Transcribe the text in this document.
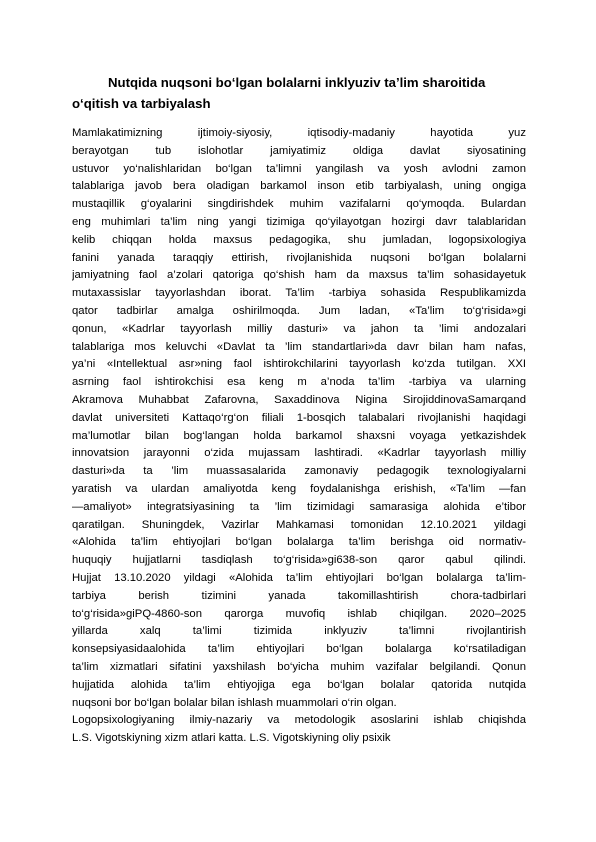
Nutqida nuqsoni bo‘lgan bolalarni inklyuziv ta’lim sharoitida
o‘qitish va tarbiyalash
Mamlakatimizning ijtimoiy-siyosiy, iqtisodiy-madaniy hayotida yuz
berayotgan tub islohotlar jamiyatimiz oldiga davlat siyosatining
ustuvor yo‘nalishlaridan bo‘lgan ta’limni yangilash va yosh avlodni zamon
talablariga javob bera oladigan barkamol inson etib tarbiyalash, uning ongiga
mustaqillik g‘oyalarini singdirishdek muhim vazifalarni qo‘ymoqda. Bulardan
eng muhimlari ta’lim ning yangi tizimiga qo‘yilayotgan hozirgi davr talablaridan
kelib chiqqan holda maxsus pedagogika, shu jumladan, logopsixologiya
fanini yanada taraqqiy ettirish, rivojlanishida nuqsoni bo‘lgan bolalarni
jamiyatning faol a’zolari qatoriga qo‘shish ham da maxsus ta’lim sohasidayetuk
mutaxassislar tayyorlashdan iborat. Ta’lim -tarbiya sohasida Respublikamizda
qator tadbirlar amalga oshirilmoqda. Jum ladan, «Ta’lim to‘g‘risida»gi
qonun, «Kadrlar tayyorlash milliy dasturi» va jahon ta ’limi andozalari
talablariga mos keluvchi «Davlat ta ’lim standartlari»da davr bilan ham nafas,
ya’ni «Intellektual asr»ning faol ishtirokchilarini tayyorlash ko‘zda tutilgan. XXI
asrning faol ishtirokchisi esa keng m a’noda ta’lim -tarbiya va ularning
Akramova Muhabbat Zafarovna, Saxaddinova Nigina SirojiddinovaSamarqand
davlat universiteti Kattaqo‘rg‘on filiali 1-bosqich talabalari rivojlanishi haqidagi
ma’lumotlar bilan bog‘langan holda barkamol shaxsni voyaga yetkazishdek
innovatsion jarayonni o‘zida mujassam lashtiradi. «Kadrlar tayyorlash milliy
dasturi»da ta ’lim muassasalarida zamonaviy pedagogik texnologiyalarni
yaratish va ulardan amaliyotda keng foydalanishga erishish, «Ta’lim —fan
—amaliyot» integratsiyasining ta ’lim tizimidagi samarasiga alohida e’tibor
qaratilgan. Shuningdek, Vazirlar Mahkamasi tomonidan 12.10.2021 yildagi
«Alohida ta’lim ehtiyojlari bo‘lgan bolalarga ta’lim berishga oid normativ-
huquqiy hujjatlarni tasdiqlash to‘g‘risida»gi638-son qaror qabul qilindi.
Hujjat 13.10.2020 yildagi «Alohida ta’lim ehtiyojlari bo‘lgan bolalarga ta’lim-
tarbiya berish tizimini yanada takomillashtirish chora-tadbirlari
to‘g‘risida»giPQ-4860-son qarorga muvofiq ishlab chiqilgan. 2020–2025
yillarda xalq ta’limi tizimida inklyuziv ta’limni rivojlantirish
konsepsiyasidaalohida ta’lim ehtiyojlari bo‘lgan bolalarga ko‘rsatiladigan
ta’lim xizmatlari sifatini yaxshilash bo‘yicha muhim vazifalar belgilandi. Qonun
hujjatida alohida ta’lim ehtiyojiga ega bo‘lgan bolalar qatorida nutqida
nuqsoni bor bo‘lgan bolalar bilan ishlash muammolari o‘rin olgan.
Logopsixologiyaning ilmiy-nazariy va metodologik asoslarini ishlab chiqishda
L.S. Vigotskiyning xizm atlari katta. L.S. Vigotskiyning oliy psixik
